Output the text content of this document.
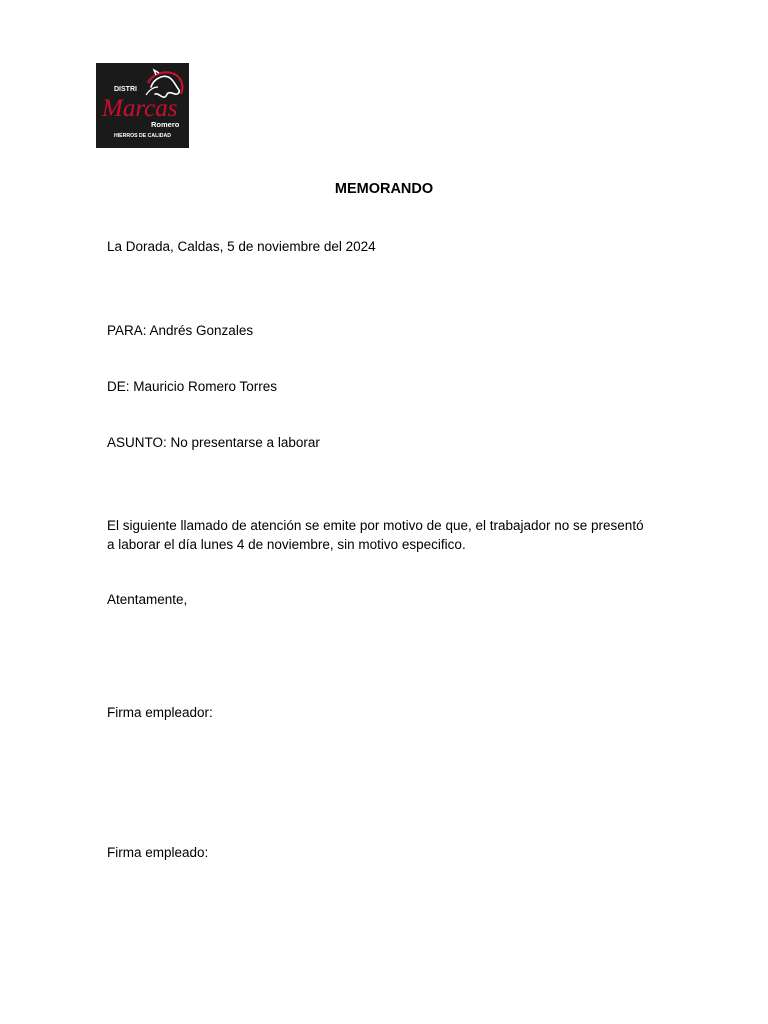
DISTRI
Marcas
Romero
HIERROS DE CALIDAD
MEMORANDO
La Dorada, Caldas, 5 de noviembre del 2024
PARA: Andrés Gonzales
DE: Mauricio Romero Torres
ASUNTO: No presentarse a laborar
El siguiente llamado de atención se emite por motivo de que, el trabajador no se presentó
a laborar el día lunes 4 de noviembre, sin motivo especifico.
Atentamente,
Firma empleador:
Firma empleado:
